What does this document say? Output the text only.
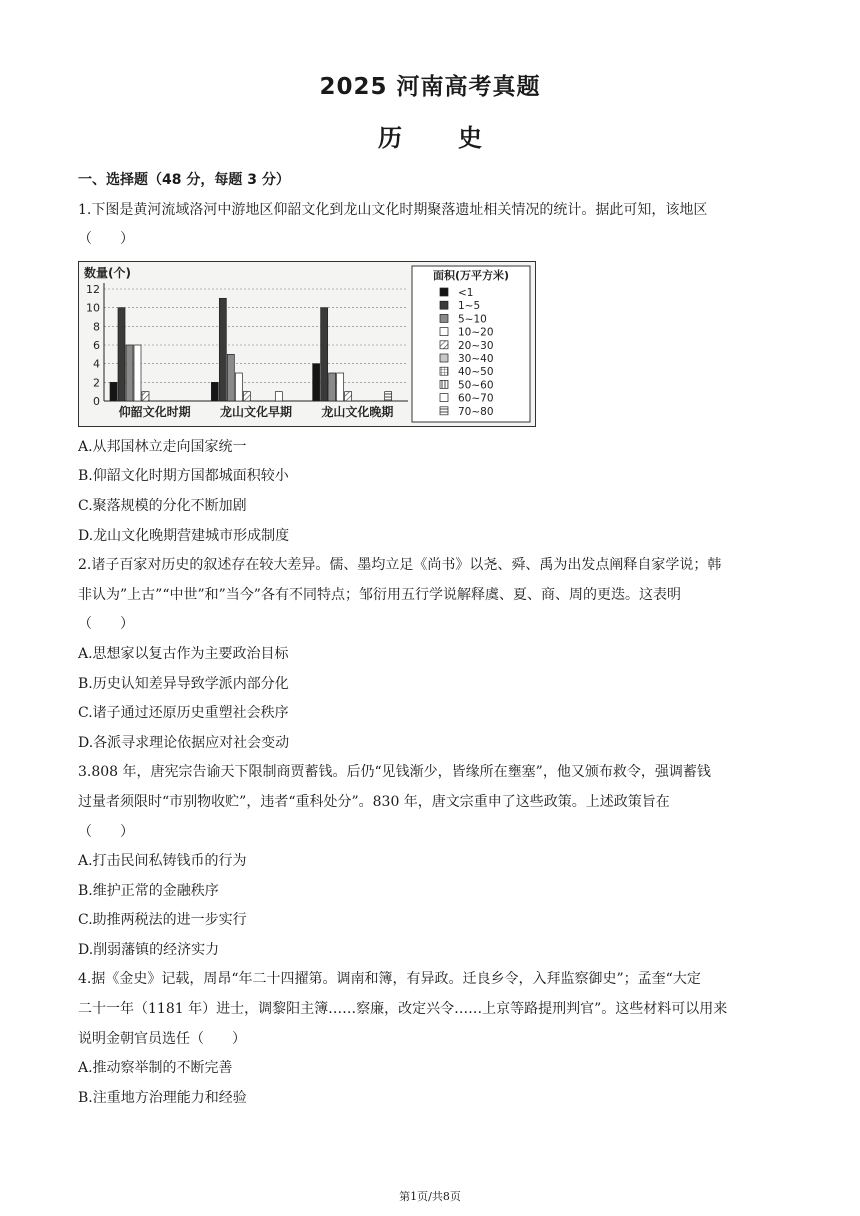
2025 河南高考真题
历 史
一、选择题（48 分，每题 3 分）
1.下图是黄河流域洛河中游地区仰韶文化到龙山文化时期聚落遗址相关情况的统计。据此可知，该地区
（　　）
数量(个)
0
2
4
6
8
10
12
仰韶文化时期 龙山文化早期 龙山文化晚期
面积(万平方米)
<1
1~5
5~10
10~20
20~30
30~40
40~50
50~60
60~70
70~80
A.从邦国林立走向国家统一
B.仰韶文化时期方国都城面积较小
C.聚落规模的分化不断加剧
D.龙山文化晚期营建城市形成制度
2.诸子百家对历史的叙述存在较大差异。儒、墨均立足《尚书》以尧、舜、禹为出发点阐释自家学说；韩
非认为”上古”“中世”和”当今”各有不同特点；邹衍用五行学说解释虞、夏、商、周的更迭。这表明
（　　）
A.思想家以复古作为主要政治目标
B.历史认知差异导致学派内部分化
C.诸子通过还原历史重塑社会秩序
D.各派寻求理论依据应对社会变动
3.808 年，唐宪宗告谕天下限制商贾蓄钱。后仍“见钱渐少，皆缘所在壅塞”，他又颁布救令，强调蓄钱
过量者须限时“市别物收贮”，违者“重科处分”。830 年，唐文宗重申了这些政策。上述政策旨在
（　　）
A.打击民间私铸钱币的行为
B.维护正常的金融秩序
C.助推两税法的进一步实行
D.削弱藩镇的经济实力
4.据《金史》记载，周昂“年二十四擢第。调南和簿，有异政。迁良乡令，入拜监察御史”；孟奎“大定
二十一年（1181 年）进士，调黎阳主簿……察廉，改定兴令……上京等路提刑判官”。这些材料可以用来
说明金朝官员选任（　　）
A.推动察举制的不断完善
B.注重地方治理能力和经验
第1页/共8页
